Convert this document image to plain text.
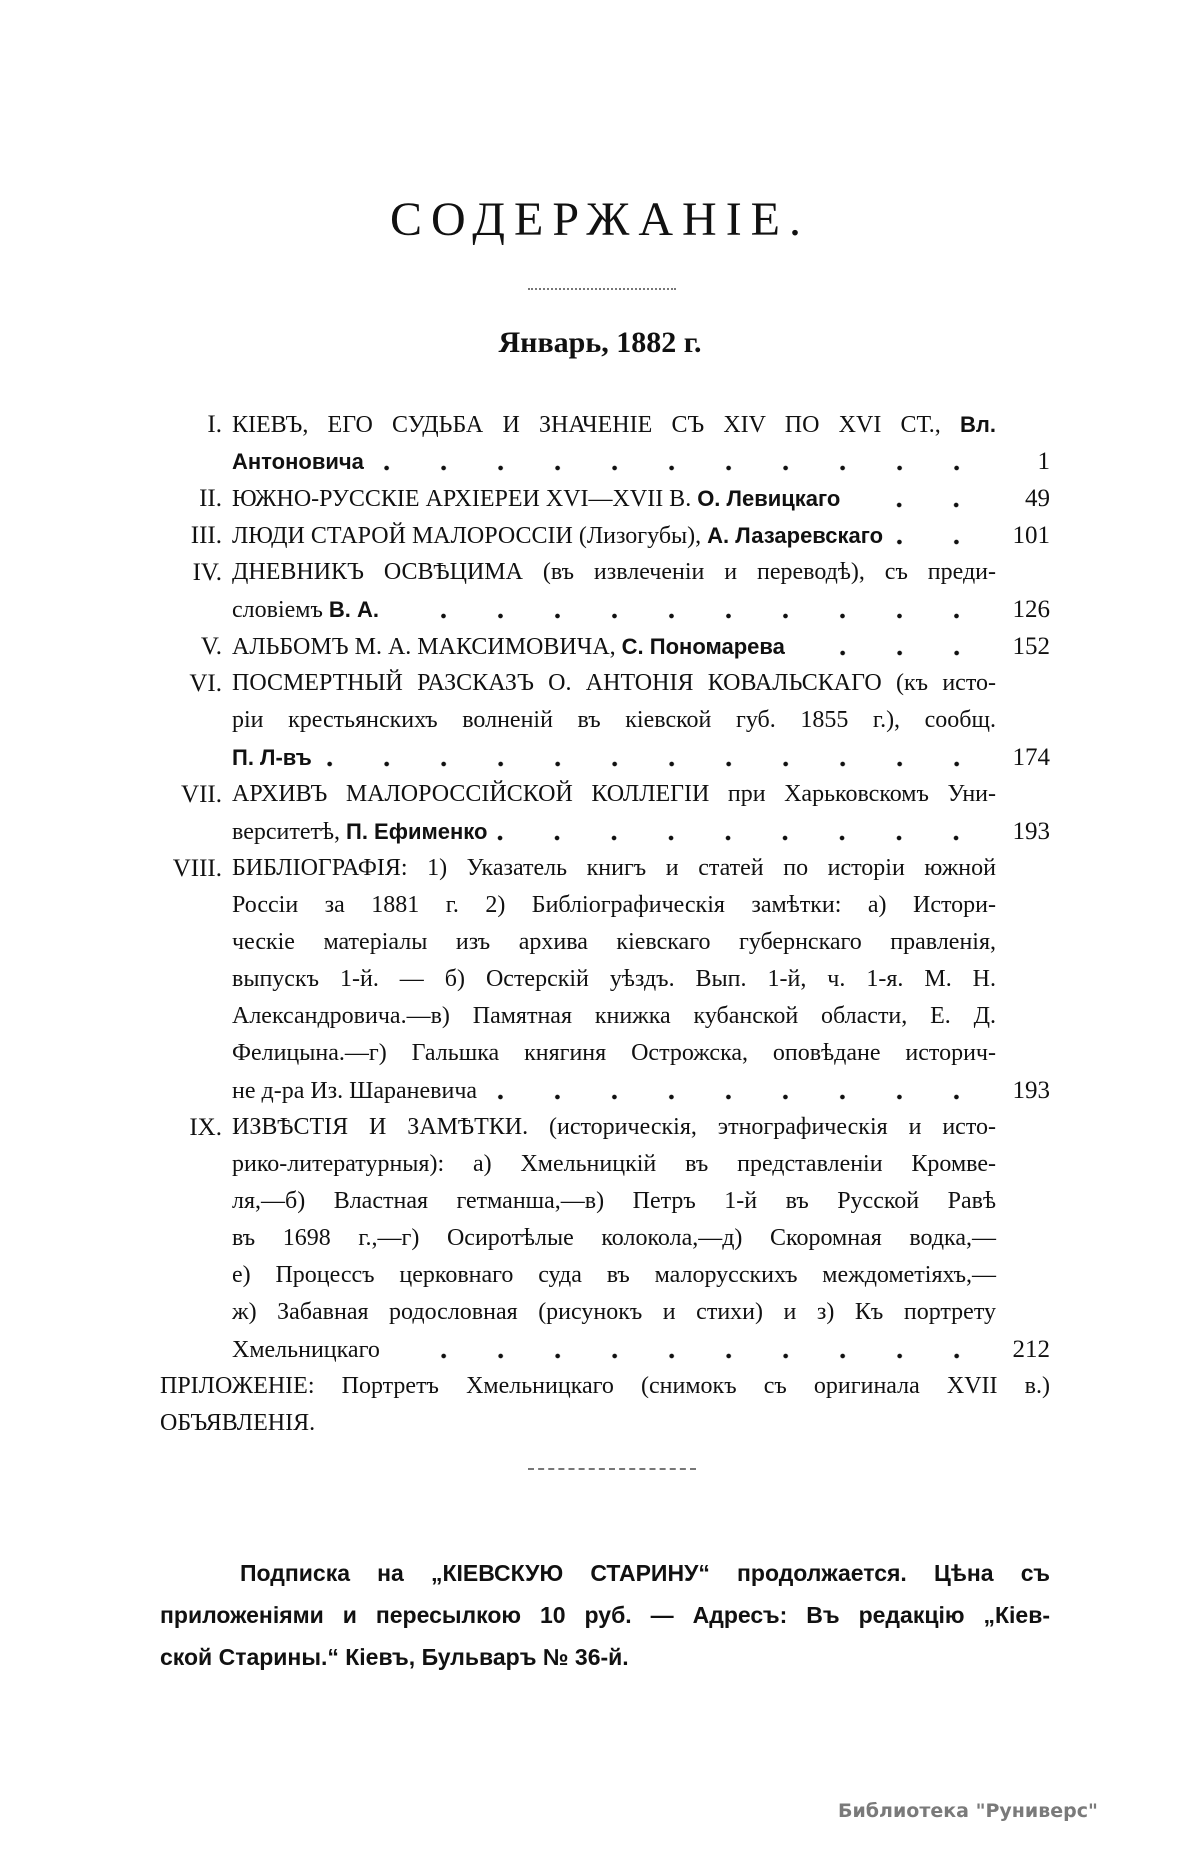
СОДЕРЖАНІЕ.
Январь, 1882 г.
I. КІЕВЪ, ЕГО СУДЬБА И ЗНАЧЕНІЕ СЪ XIV ПО XVI СТ., Вл.
Антоновича	1
II. ЮЖНО-РУССКІЕ АРХІЕРЕИ XVI—XVII В. О. Левицкаго	49
III. ЛЮДИ СТАРОЙ МАЛОРОССІИ (Лизогубы), А. Лазаревскаго	101
IV. ДНЕВНИКЪ ОСВѢЦИМА (въ извлеченіи и переводѣ), съ преди-
словіемъ В. А.	126
V. АЛЬБОМЪ М. А. МАКСИМОВИЧА, С. Пономарева	152
VI. ПОСМЕРТНЫЙ РАЗСКАЗЪ О. АНТОНІЯ КОВАЛЬСКАГО (къ исто-
ріи крестьянскихъ волненій въ кіевской губ. 1855 г.), сообщ.
П. Л-въ	174
VII. АРХИВЪ МАЛОРОССІЙСКОЙ КОЛЛЕГІИ при Харьковскомъ Уни-
верситетѣ, П. Ефименко	193
VIII. БИБЛІОГРАФІЯ: 1) Указатель книгъ и статей по исторіи южной
Россіи за 1881 г. 2) Библіографическія замѣтки: а) Истори-
ческіе матеріалы изъ архива кіевскаго губернскаго правленія,
выпускъ 1-й. — б) Остерскій уѣздъ. Вып. 1-й, ч. 1-я. М. Н.
Александровича.—в) Памятная книжка кубанской области, Е. Д.
Фелицына.—г) Гальшка княгиня Острожска, оповѣдане историч-
не д-ра Из. Шараневича	193
IX. ИЗВѢСТІЯ И ЗАМѢТКИ. (историческія, этнографическія и исто-
рико-литературныя): а) Хмельницкій въ представленіи Кромве-
ля,—б) Властная гетманша,—в) Петръ 1-й въ Русской Равѣ
въ 1698 г.,—г) Осиротѣлые колокола,—д) Скоромная водка,—
е) Процессъ церковнаго суда въ малорусскихъ междометіяхъ,—
ж) Забавная родословная (рисунокъ и стихи) и з) Къ портрету
Хмельницкаго	212
ПРІЛОЖЕНІЕ: Портретъ Хмельницкаго (снимокъ съ оригинала XVII в.)
ОБЪЯВЛЕНІЯ.
Подписка на „КІЕВСКУЮ СТАРИНУ“ продолжается. Цѣна съ
приложеніями и пересылкою 10 руб. — Адресъ: Въ редакцію „Кіев-
ской Старины.“ Кіевъ, Бульваръ № 36-й.
Библиотека "Руниверс"
